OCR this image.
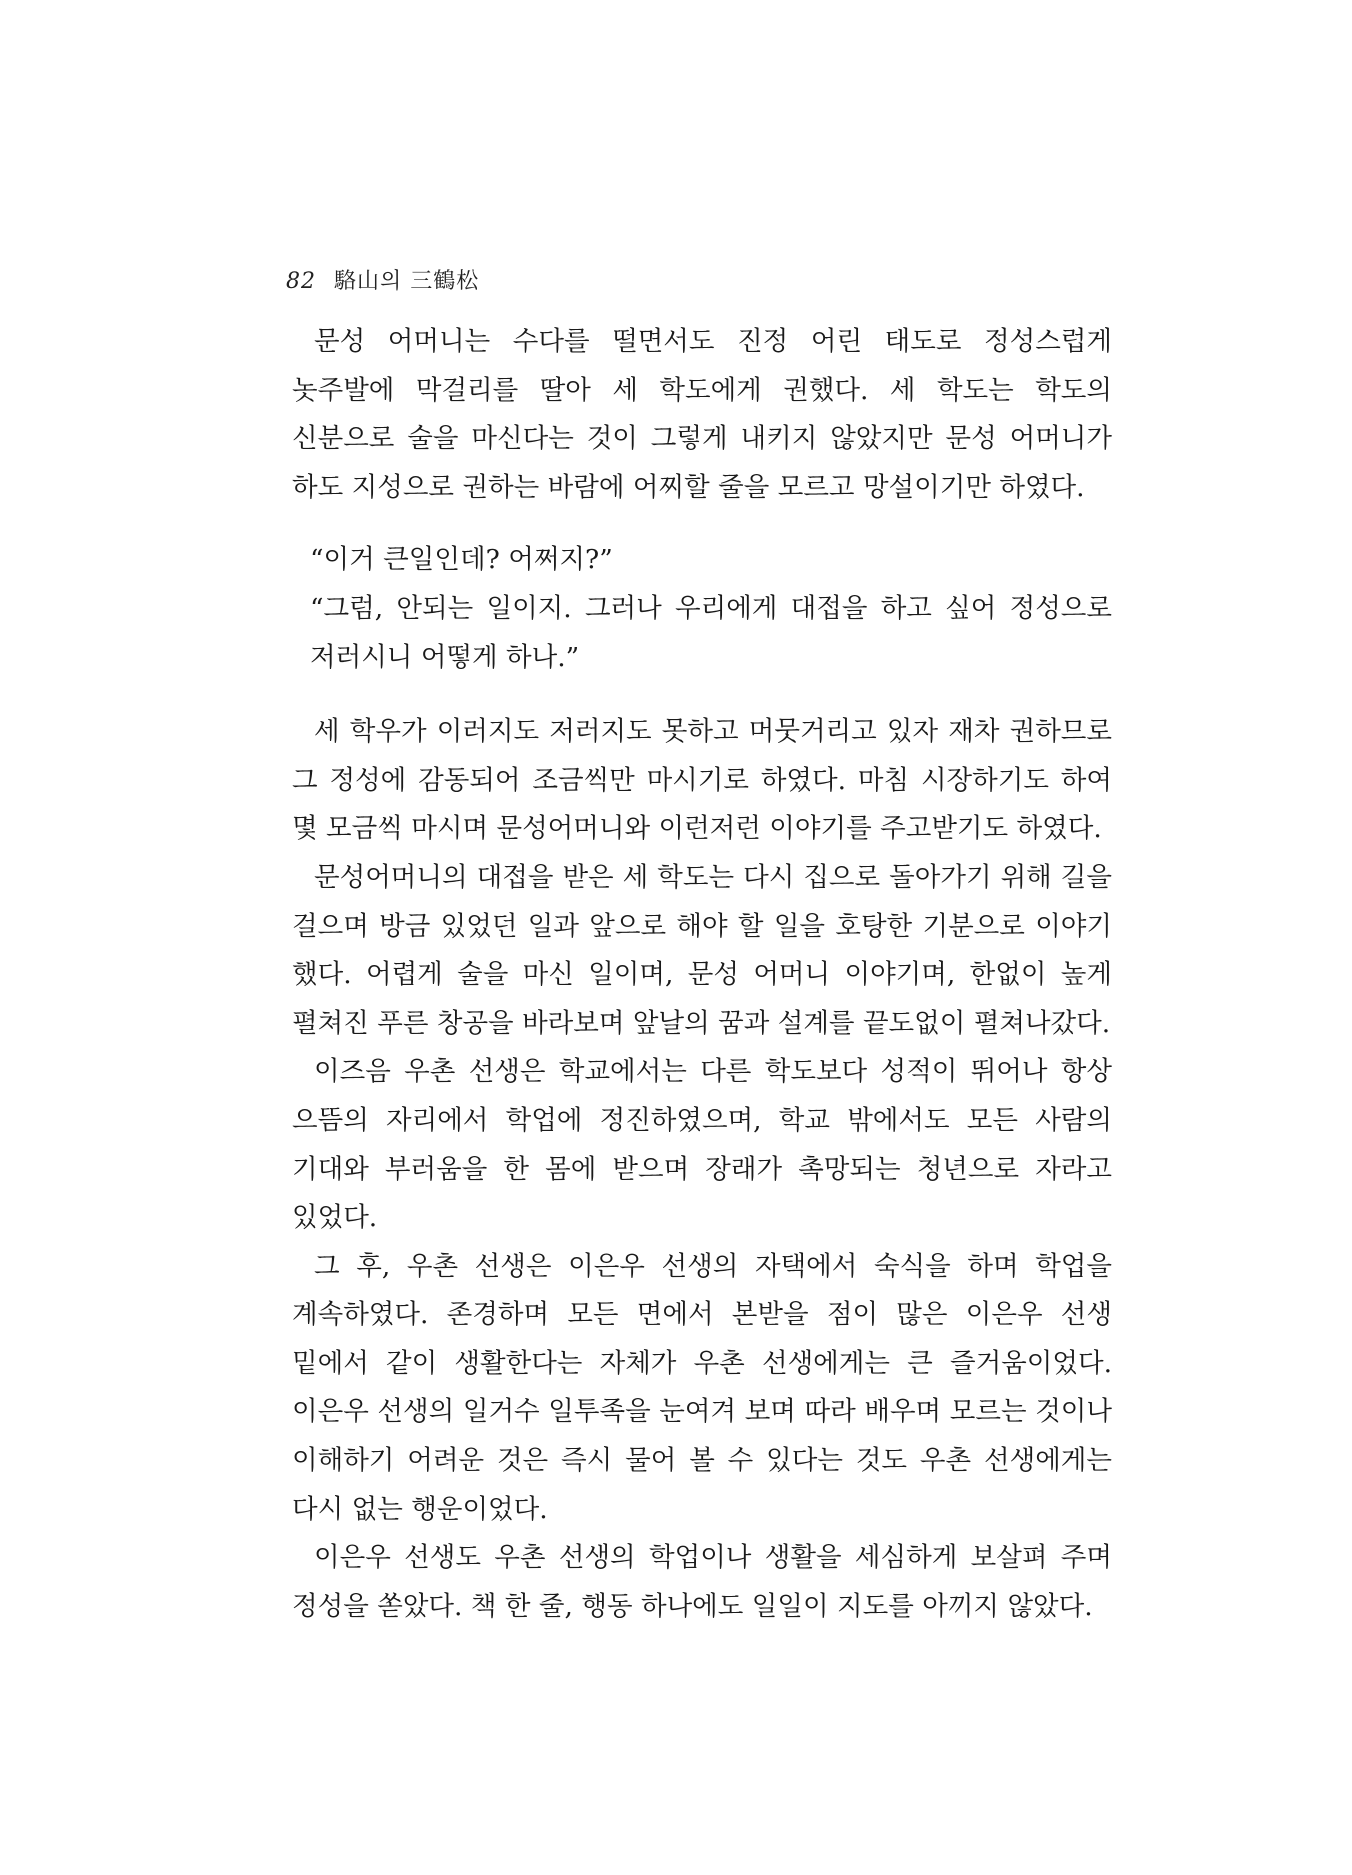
82 駱山의 三鶴松

문성 어머니는 수다를 떨면서도 진정 어린 태도로 정성스럽게 놋주발에 막걸리를 딸아 세 학도에게 권했다. 세 학도는 학도의 신분으로 술을 마신다는 것이 그렇게 내키지 않았지만 문성 어머니가 하도 지성으로 권하는 바람에 어찌할 줄을 모르고 망설이기만 하였다.

“이거 큰일인데? 어쩌지?”

“그럼, 안되는 일이지. 그러나 우리에게 대접을 하고 싶어 정성으로 저러시니 어떻게 하나.”

세 학우가 이러지도 저러지도 못하고 머뭇거리고 있자 재차 권하므로 그 정성에 감동되어 조금씩만 마시기로 하였다. 마침 시장하기도 하여 몇 모금씩 마시며 문성어머니와 이런저런 이야기를 주고받기도 하였다.

문성어머니의 대접을 받은 세 학도는 다시 집으로 돌아가기 위해 길을 걸으며 방금 있었던 일과 앞으로 해야 할 일을 호탕한 기분으로 이야기 했다. 어렵게 술을 마신 일이며, 문성 어머니 이야기며, 한없이 높게 펼쳐진 푸른 창공을 바라보며 앞날의 꿈과 설계를 끝도없이 펼쳐나갔다.

이즈음 우촌 선생은 학교에서는 다른 학도보다 성적이 뛰어나 항상 으뜸의 자리에서 학업에 정진하였으며, 학교 밖에서도 모든 사람의 기대와 부러움을 한 몸에 받으며 장래가 촉망되는 청년으로 자라고 있었다.

그 후, 우촌 선생은 이은우 선생의 자택에서 숙식을 하며 학업을 계속하였다. 존경하며 모든 면에서 본받을 점이 많은 이은우 선생 밑에서 같이 생활한다는 자체가 우촌 선생에게는 큰 즐거움이었다. 이은우 선생의 일거수 일투족을 눈여겨 보며 따라 배우며 모르는 것이나 이해하기 어려운 것은 즉시 물어 볼 수 있다는 것도 우촌 선생에게는 다시 없는 행운이었다.

이은우 선생도 우촌 선생의 학업이나 생활을 세심하게 보살펴 주며 정성을 쏟았다. 책 한 줄, 행동 하나에도 일일이 지도를 아끼지 않았다.
